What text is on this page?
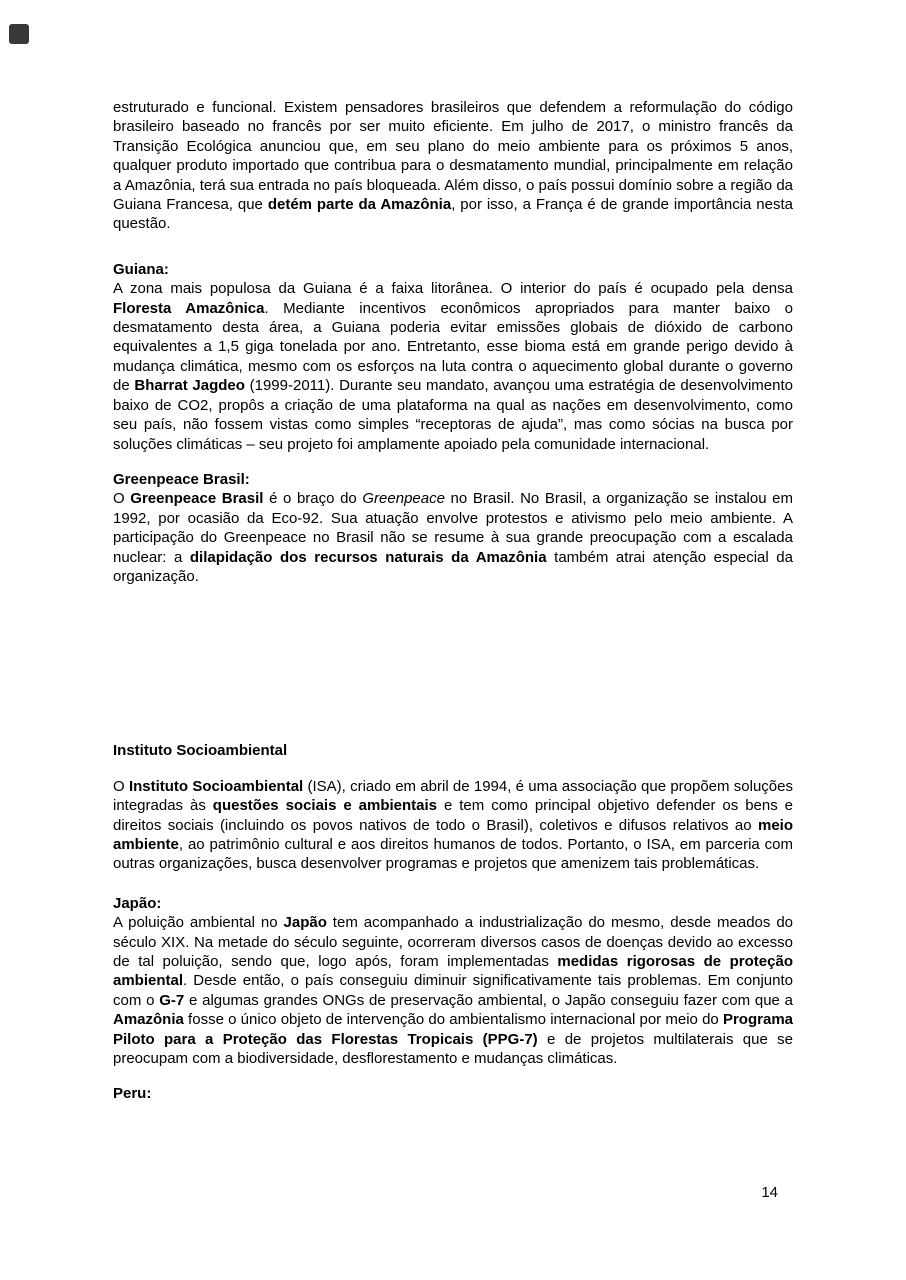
estruturado e funcional. Existem pensadores brasileiros que defendem a reformulação do código brasileiro baseado no francês por ser muito eficiente. Em julho de 2017, o ministro francês da Transição Ecológica anunciou que, em seu plano do meio ambiente para os próximos 5 anos, qualquer produto importado que contribua para o desmatamento mundial, principalmente em relação a Amazônia, terá sua entrada no país bloqueada. Além disso, o país possui domínio sobre a região da Guiana Francesa, que detém parte da Amazônia, por isso, a França é de grande importância nesta questão.

Guiana:

A zona mais populosa da Guiana é a faixa litorânea. O interior do país é ocupado pela densa Floresta Amazônica. Mediante incentivos econômicos apropriados para manter baixo o desmatamento desta área, a Guiana poderia evitar emissões globais de dióxido de carbono equivalentes a 1,5 giga tonelada por ano. Entretanto, esse bioma está em grande perigo devido à mudança climática, mesmo com os esforços na luta contra o aquecimento global durante o governo de Bharrat Jagdeo (1999-2011). Durante seu mandato, avançou uma estratégia de desenvolvimento baixo de CO2, propôs a criação de uma plataforma na qual as nações em desenvolvimento, como seu país, não fossem vistas como simples “receptoras de ajuda”, mas como sócias na busca por soluções climáticas – seu projeto foi amplamente apoiado pela comunidade internacional.

Greenpeace Brasil:

O Greenpeace Brasil é o braço do Greenpeace no Brasil. No Brasil, a organização se instalou em 1992, por ocasião da Eco-92. Sua atuação envolve protestos e ativismo pelo meio ambiente. A participação do Greenpeace no Brasil não se resume à sua grande preocupação com a escalada nuclear: a dilapidação dos recursos naturais da Amazônia também atrai atenção especial da organização.

Instituto Socioambiental

O Instituto Socioambiental (ISA), criado em abril de 1994, é uma associação que propõem soluções integradas às questões sociais e ambientais e tem como principal objetivo defender os bens e direitos sociais (incluindo os povos nativos de todo o Brasil), coletivos e difusos relativos ao meio ambiente, ao patrimônio cultural e aos direitos humanos de todos. Portanto, o ISA, em parceria com outras organizações, busca desenvolver programas e projetos que amenizem tais problemáticas.

Japão:

A poluição ambiental no Japão tem acompanhado a industrialização do mesmo, desde meados do século XIX. Na metade do século seguinte, ocorreram diversos casos de doenças devido ao excesso de tal poluição, sendo que, logo após, foram implementadas medidas rigorosas de proteção ambiental. Desde então, o país conseguiu diminuir significativamente tais problemas. Em conjunto com o G-7 e algumas grandes ONGs de preservação ambiental, o Japão conseguiu fazer com que a Amazônia fosse o único objeto de intervenção do ambientalismo internacional por meio do Programa Piloto para a Proteção das Florestas Tropicais (PPG-7) e de projetos multilaterais que se preocupam com a biodiversidade, desflorestamento e mudanças climáticas.

Peru:

14
